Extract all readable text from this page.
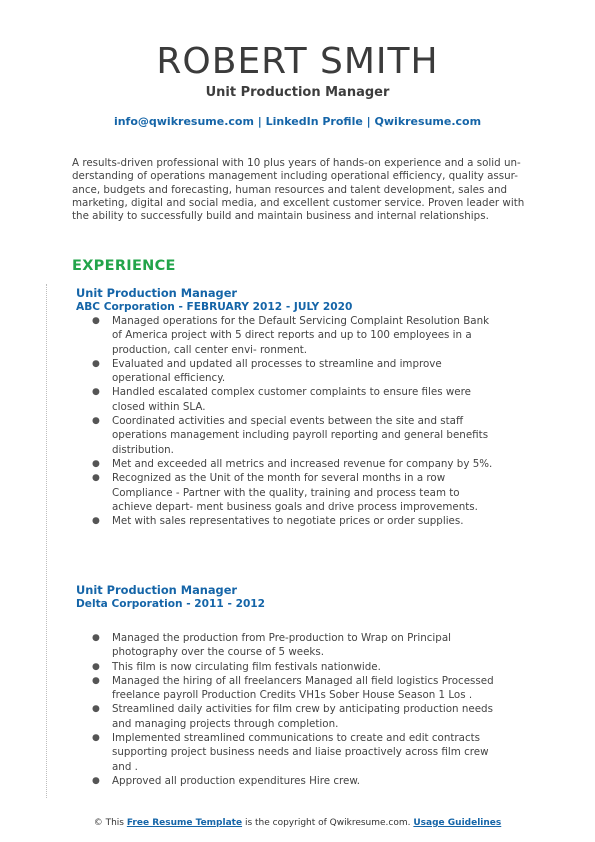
ROBERT SMITH
Unit Production Manager
info@qwikresume.com | LinkedIn Profile | Qwikresume.com
A results-driven professional with 10 plus years of hands-on experience and a solid un- derstanding of operations management including operational efficiency, quality assur- ance, budgets and forecasting, human resources and talent development, sales and marketing, digital and social media, and excellent customer service. Proven leader with the ability to successfully build and maintain business and internal relationships.
EXPERIENCE
Unit Production Manager
ABC Corporation - FEBRUARY 2012 - JULY 2020
● Managed operations for the Default Servicing Complaint Resolution Bank of America project with 5 direct reports and up to 100 employees in a production, call center envi- ronment.
● Evaluated and updated all processes to streamline and improve operational efficiency.
● Handled escalated complex customer complaints to ensure files were closed within SLA.
● Coordinated activities and special events between the site and staff operations management including payroll reporting and general benefits distribution.
● Met and exceeded all metrics and increased revenue for company by 5%.
● Recognized as the Unit of the month for several months in a row Compliance - Partner with the quality, training and process team to achieve depart- ment business goals and drive process improvements.
● Met with sales representatives to negotiate prices or order supplies.
Unit Production Manager
Delta Corporation - 2011 - 2012
● Managed the production from Pre-production to Wrap on Principal photography over the course of 5 weeks.
● This film is now circulating film festivals nationwide.
● Managed the hiring of all freelancers Managed all field logistics Processed freelance payroll Production Credits VH1s Sober House Season 1 Los .
● Streamlined daily activities for film crew by anticipating production needs and managing projects through completion.
● Implemented streamlined communications to create and edit contracts supporting project business needs and liaise proactively across film crew and .
● Approved all production expenditures Hire crew.
© This Free Resume Template is the copyright of Qwikresume.com. Usage Guidelines
